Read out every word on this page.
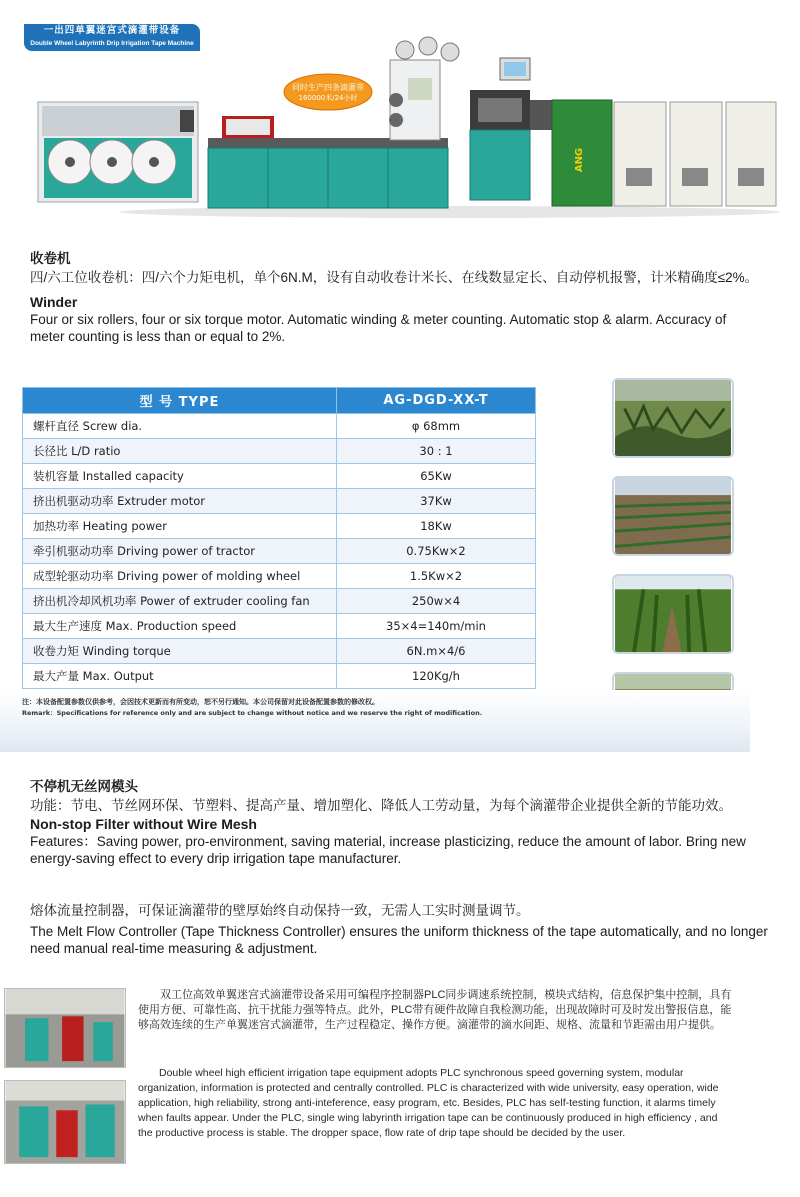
一出四单翼迷宫式滴灌带设备
Double Wheel Labyrinth Drip Irrigation Tape Machine
同时生产四条滴灌带
160000米/24小时
ANG
收卷机
四/六工位收卷机：四/六个力矩电机，单个6N.M，设有自动收卷计米长、在线数显定长、自动停机报警，计米精确度≤2%。
Winder
Four or six rollers, four or six torque motor. Automatic winding & meter counting. Automatic stop & alarm. Accuracy of meter counting is less than or equal to 2%.
型 号 TYPE	AG-DGD-XX-T
螺杆直径 Screw dia.	φ 68mm
长径比 L/D ratio	30 : 1
装机容量 Installed capacity	65Kw
挤出机驱动功率 Extruder motor	37Kw
加热功率 Heating power	18Kw
牵引机驱动功率 Driving power of tractor	0.75Kw×2
成型轮驱动功率 Driving power of molding wheel	1.5Kw×2
挤出机冷却风机功率 Power of extruder cooling fan	250w×4
最大生产速度 Max. Production speed	35×4=140m/min
收卷力矩 Winding torque	6N.m×4/6
最大产量 Max. Output	120Kg/h

注：本设备配置参数仅供参考，会因技术更新而有所变动，恕不另行通知。本公司保留对此设备配置参数的修改权。
Remark：Specifications for reference only and are subject to change without notice and we reserve the right of modification.
不停机无丝网模头
功能：节电、节丝网环保、节塑料、提高产量、增加塑化、降低人工劳动量，为每个滴灌带企业提供全新的节能功效。
Non-stop Filter without Wire Mesh
Features：Saving power, pro-environment, saving material, increase plasticizing, reduce the amount of labor. Bring new energy-saving effect to every drip irrigation tape manufacturer.
熔体流量控制器，可保证滴灌带的壁厚始终自动保持一致，无需人工实时测量调节。
The Melt Flow Controller (Tape Thickness Controller) ensures the uniform thickness of the tape automatically, and no longer need manual real-time measuring & adjustment.
双工位高效单翼迷宫式滴灌带设备采用可编程序控制器PLC同步调速系统控制，模块式结构，信息保护集中控制，具有使用方便、可靠性高、抗干扰能力强等特点。此外，PLC带有硬件故障自我检测功能，出现故障时可及时发出警报信息，能够高效连续的生产单翼迷宫式滴灌带，生产过程稳定、操作方便。滴灌带的滴水间距、规格、流量和节距需由用户提供。
Double wheel high efficient irrigation tape equipment adopts PLC synchronous speed governing system, modular organization, information is protected and centrally controlled. PLC is characterized with wide university, easy operation, wide application, high reliability, strong anti-inteference, easy program, etc. Besides, PLC has self-testing function, it alarms timely when faults appear. Under the PLC, single wing labyrinth irrigation tape can be continuously produced in high efficiency , and the productive process is stable. The dropper space, flow rate of drip tape should be decided by the user.
